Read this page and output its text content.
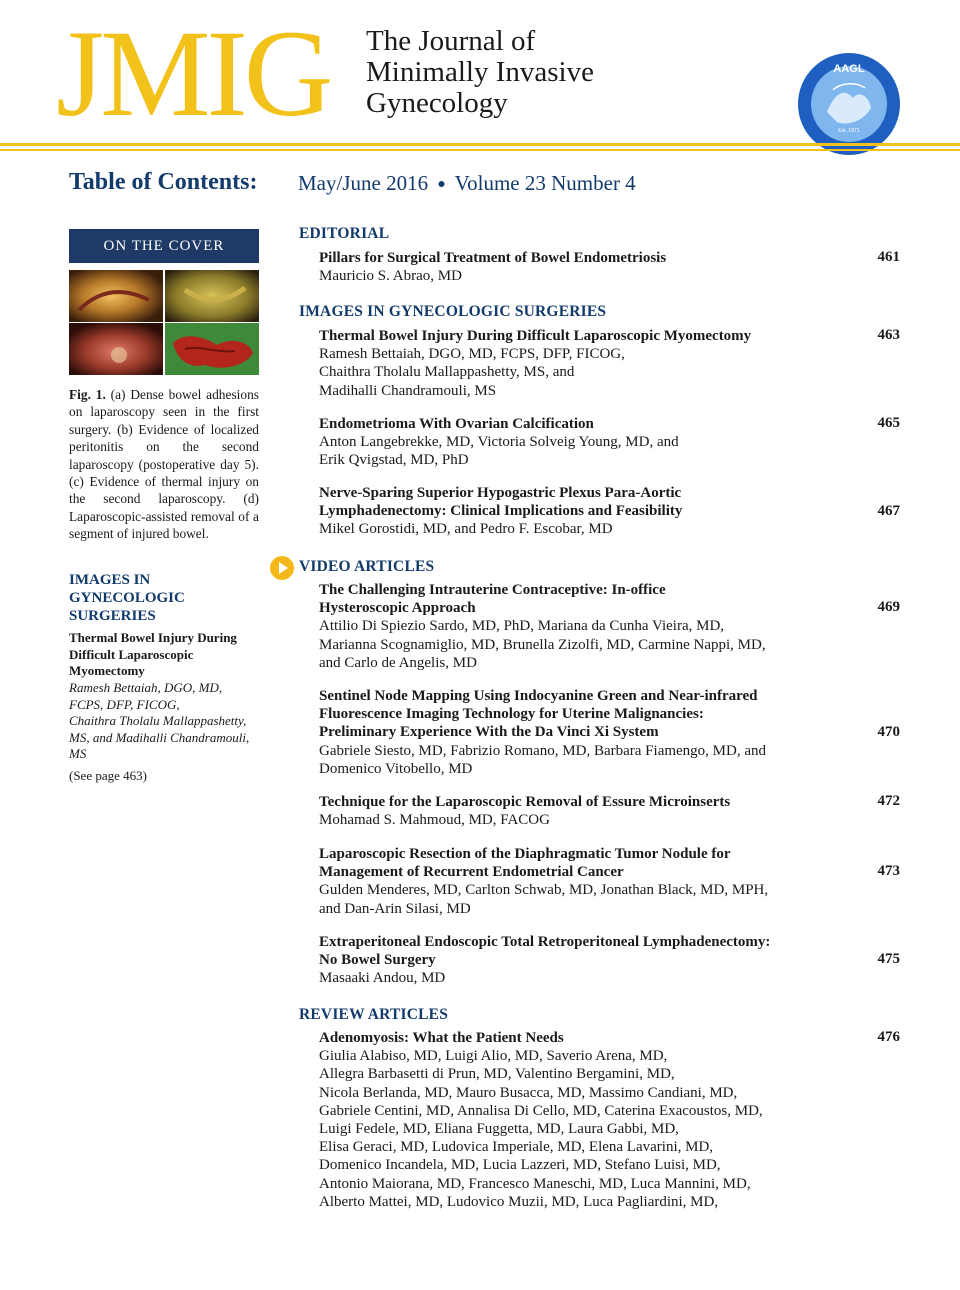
JMIG The Journal of
Minimally Invasive
Gynecology
AAGL
Est. 1971
Table of Contents: May/June 2016 ● Volume 23 Number 4
ON THE COVER
Fig. 1. (a) Dense bowel adhesions on laparoscopy seen in the first surgery. (b) Evidence of localized peritonitis on the second laparoscopy (postoperative day 5). (c) Evidence of thermal injury on the second laparoscopy. (d) Laparoscopic-assisted removal of a segment of injured bowel.
IMAGES IN
GYNECOLOGIC
SURGERIES
Thermal Bowel Injury During
Difficult Laparoscopic
Myomectomy
Ramesh Bettaiah, DGO, MD,
FCPS, DFP, FICOG,
Chaithra Tholalu Mallappashetty,
MS, and Madihalli Chandramouli,
MS
(See page 463)
EDITORIAL
Pillars for Surgical Treatment of Bowel Endometriosis
Mauricio S. Abrao, MD
461
IMAGES IN GYNECOLOGIC SURGERIES
Thermal Bowel Injury During Difficult Laparoscopic Myomectomy
Ramesh Bettaiah, DGO, MD, FCPS, DFP, FICOG,
Chaithra Tholalu Mallappashetty, MS, and
Madihalli Chandramouli, MS
463
Endometrioma With Ovarian Calcification
Anton Langebrekke, MD, Victoria Solveig Young, MD, and
Erik Qvigstad, MD, PhD
465
Nerve-Sparing Superior Hypogastric Plexus Para-Aortic
Lymphadenectomy: Clinical Implications and Feasibility
Mikel Gorostidi, MD, and Pedro F. Escobar, MD
467
VIDEO ARTICLES
The Challenging Intrauterine Contraceptive: In-office
Hysteroscopic Approach
Attilio Di Spiezio Sardo, MD, PhD, Mariana da Cunha Vieira, MD,
Marianna Scognamiglio, MD, Brunella Zizolfi, MD, Carmine Nappi, MD,
and Carlo de Angelis, MD
469
Sentinel Node Mapping Using Indocyanine Green and Near-infrared
Fluorescence Imaging Technology for Uterine Malignancies:
Preliminary Experience With the Da Vinci Xi System
Gabriele Siesto, MD, Fabrizio Romano, MD, Barbara Fiamengo, MD, and
Domenico Vitobello, MD
470
Technique for the Laparoscopic Removal of Essure Microinserts
Mohamad S. Mahmoud, MD, FACOG
472
Laparoscopic Resection of the Diaphragmatic Tumor Nodule for
Management of Recurrent Endometrial Cancer
Gulden Menderes, MD, Carlton Schwab, MD, Jonathan Black, MD, MPH,
and Dan-Arin Silasi, MD
473
Extraperitoneal Endoscopic Total Retroperitoneal Lymphadenectomy:
No Bowel Surgery
Masaaki Andou, MD
475
REVIEW ARTICLES
Adenomyosis: What the Patient Needs
Giulia Alabiso, MD, Luigi Alio, MD, Saverio Arena, MD,
Allegra Barbasetti di Prun, MD, Valentino Bergamini, MD,
Nicola Berlanda, MD, Mauro Busacca, MD, Massimo Candiani, MD,
Gabriele Centini, MD, Annalisa Di Cello, MD, Caterina Exacoustos, MD,
Luigi Fedele, MD, Eliana Fuggetta, MD, Laura Gabbi, MD,
Elisa Geraci, MD, Ludovica Imperiale, MD, Elena Lavarini, MD,
Domenico Incandela, MD, Lucia Lazzeri, MD, Stefano Luisi, MD,
Antonio Maiorana, MD, Francesco Maneschi, MD, Luca Mannini, MD,
Alberto Mattei, MD, Ludovico Muzii, MD, Luca Pagliardini, MD,
476
